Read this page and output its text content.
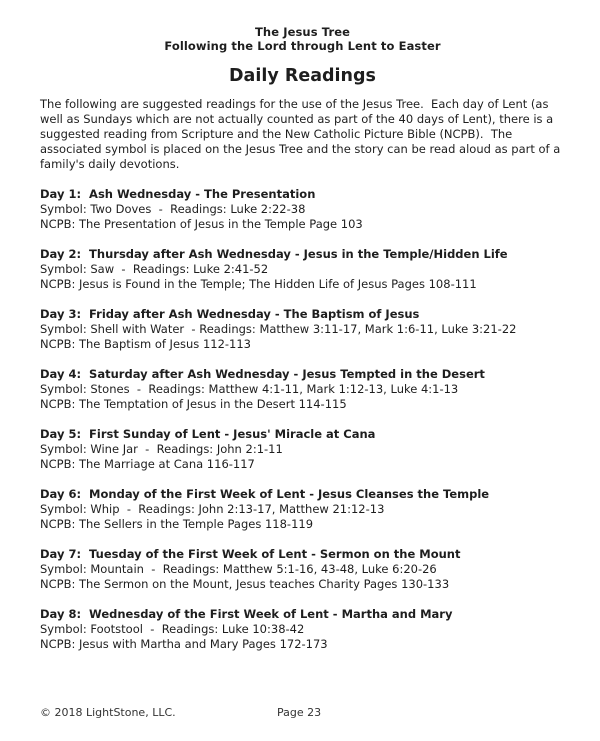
The Jesus Tree
Following the Lord through Lent to Easter
Daily Readings
The following are suggested readings for the use of the Jesus Tree.  Each day of Lent (as well as Sundays which are not actually counted as part of the 40 days of Lent), there is a suggested reading from Scripture and the New Catholic Picture Bible (NCPB).  The associated symbol is placed on the Jesus Tree and the story can be read aloud as part of a family's daily devotions.
Day 1:  Ash Wednesday - The Presentation
Symbol: Two Doves  -  Readings: Luke 2:22-38
NCPB: The Presentation of Jesus in the Temple Page 103
Day 2:  Thursday after Ash Wednesday - Jesus in the Temple/Hidden Life
Symbol: Saw  -  Readings: Luke 2:41-52
NCPB: Jesus is Found in the Temple; The Hidden Life of Jesus Pages 108-111
Day 3:  Friday after Ash Wednesday - The Baptism of Jesus
Symbol: Shell with Water  - Readings: Matthew 3:11-17, Mark 1:6-11, Luke 3:21-22
NCPB: The Baptism of Jesus 112-113
Day 4:  Saturday after Ash Wednesday - Jesus Tempted in the Desert
Symbol: Stones  -  Readings: Matthew 4:1-11, Mark 1:12-13, Luke 4:1-13
NCPB: The Temptation of Jesus in the Desert 114-115
Day 5:  First Sunday of Lent - Jesus' Miracle at Cana
Symbol: Wine Jar  -  Readings: John 2:1-11
NCPB: The Marriage at Cana 116-117
Day 6:  Monday of the First Week of Lent - Jesus Cleanses the Temple
Symbol: Whip  -  Readings: John 2:13-17, Matthew 21:12-13
NCPB: The Sellers in the Temple Pages 118-119
Day 7:  Tuesday of the First Week of Lent - Sermon on the Mount
Symbol: Mountain  -  Readings: Matthew 5:1-16, 43-48, Luke 6:20-26
NCPB: The Sermon on the Mount, Jesus teaches Charity Pages 130-133
Day 8:  Wednesday of the First Week of Lent - Martha and Mary
Symbol: Footstool  -  Readings: Luke 10:38-42
NCPB: Jesus with Martha and Mary Pages 172-173
© 2018 LightStone, LLC.	Page 23
